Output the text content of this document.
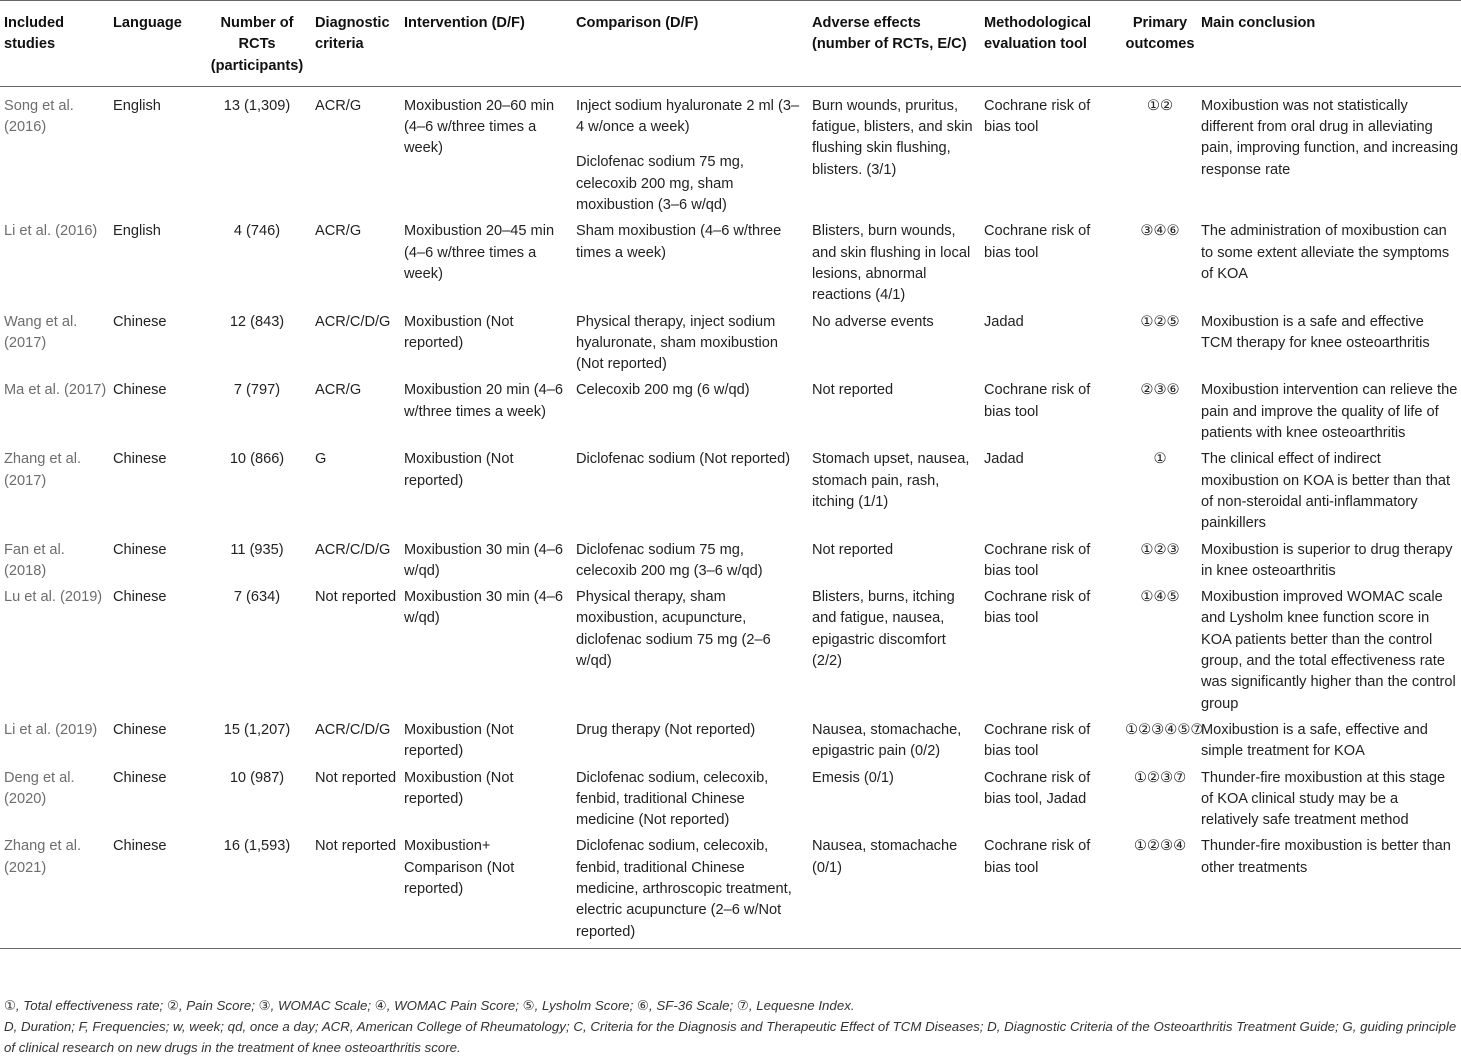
Included studies	Language	Number of RCTs (participants)	Diagnostic criteria	Intervention (D/F)	Comparison (D/F)	Adverse effects (number of RCTs, E/C)	Methodological evaluation tool	Primary outcomes	Main conclusion
Song et al. (2016)	English	13 (1,309)	ACR/G	Moxibustion 20–60 min (4–6 w/three times a week)	Inject sodium hyaluronate 2 ml (3–4 w/once a week)	Burn wounds, pruritus, fatigue, blisters, and skin flushing skin flushing, blisters. (3/1)	Cochrane risk of bias tool	①②	Moxibustion was not statistically different from oral drug in alleviating pain, improving function, and increasing response rate
					Diclofenac sodium 75 mg, celecoxib 200 mg, sham moxibustion (3–6 w/qd)				
Li et al. (2016)	English	4 (746)	ACR/G	Moxibustion 20–45 min (4–6 w/three times a week)	Sham moxibustion (4–6 w/three times a week)	Blisters, burn wounds, and skin flushing in local lesions, abnormal reactions (4/1)	Cochrane risk of bias tool	③④⑥	The administration of moxibustion can to some extent alleviate the symptoms of KOA
Wang et al. (2017)	Chinese	12 (843)	ACR/C/D/G	Moxibustion (Not reported)	Physical therapy, inject sodium hyaluronate, sham moxibustion (Not reported)	No adverse events	Jadad	①②⑤	Moxibustion is a safe and effective TCM therapy for knee osteoarthritis
Ma et al. (2017)	Chinese	7 (797)	ACR/G	Moxibustion 20 min (4–6 w/three times a week)	Celecoxib 200 mg (6 w/qd)	Not reported	Cochrane risk of bias tool	②③⑥	Moxibustion intervention can relieve the pain and improve the quality of life of patients with knee osteoarthritis
Zhang et al. (2017)	Chinese	10 (866)	G	Moxibustion (Not reported)	Diclofenac sodium (Not reported)	Stomach upset, nausea, stomach pain, rash, itching (1/1)	Jadad	①	The clinical effect of indirect moxibustion on KOA is better than that of non-steroidal anti-inflammatory painkillers
Fan et al. (2018)	Chinese	11 (935)	ACR/C/D/G	Moxibustion 30 min (4–6 w/qd)	Diclofenac sodium 75 mg, celecoxib 200 mg (3–6 w/qd)	Not reported	Cochrane risk of bias tool	①②③	Moxibustion is superior to drug therapy in knee osteoarthritis
Lu et al. (2019)	Chinese	7 (634)	Not reported	Moxibustion 30 min (4–6 w/qd)	Physical therapy, sham moxibustion, acupuncture, diclofenac sodium 75 mg (2–6 w/qd)	Blisters, burns, itching and fatigue, nausea, epigastric discomfort (2/2)	Cochrane risk of bias tool	①④⑤	Moxibustion improved WOMAC scale and Lysholm knee function score in KOA patients better than the control group, and the total effectiveness rate was significantly higher than the control group
Li et al. (2019)	Chinese	15 (1,207)	ACR/C/D/G	Moxibustion (Not reported)	Drug therapy (Not reported)	Nausea, stomachache, epigastric pain (0/2)	Cochrane risk of bias tool	①②③④⑤⑦	Moxibustion is a safe, effective and simple treatment for KOA
Deng et al. (2020)	Chinese	10 (987)	Not reported	Moxibustion (Not reported)	Diclofenac sodium, celecoxib, fenbid, traditional Chinese medicine (Not reported)	Emesis (0/1)	Cochrane risk of bias tool, Jadad	①②③⑦	Thunder-fire moxibustion at this stage of KOA clinical study may be a relatively safe treatment method
Zhang et al. (2021)	Chinese	16 (1,593)	Not reported	Moxibustion+ Comparison (Not reported)	Diclofenac sodium, celecoxib, fenbid, traditional Chinese medicine, arthroscopic treatment, electric acupuncture (2–6 w/Not reported)	Nausea, stomachache (0/1)	Cochrane risk of bias tool	①②③④	Thunder-fire moxibustion is better than other treatments
①, Total effectiveness rate; ②, Pain Score; ③, WOMAC Scale; ④, WOMAC Pain Score; ⑤, Lysholm Score; ⑥, SF-36 Scale; ⑦, Lequesne Index.
D, Duration; F, Frequencies; w, week; qd, once a day; ACR, American College of Rheumatology; C, Criteria for the Diagnosis and Therapeutic Effect of TCM Diseases; D, Diagnostic Criteria of the Osteoarthritis Treatment Guide; G, guiding principle of clinical research on new drugs in the treatment of knee osteoarthritis score.
